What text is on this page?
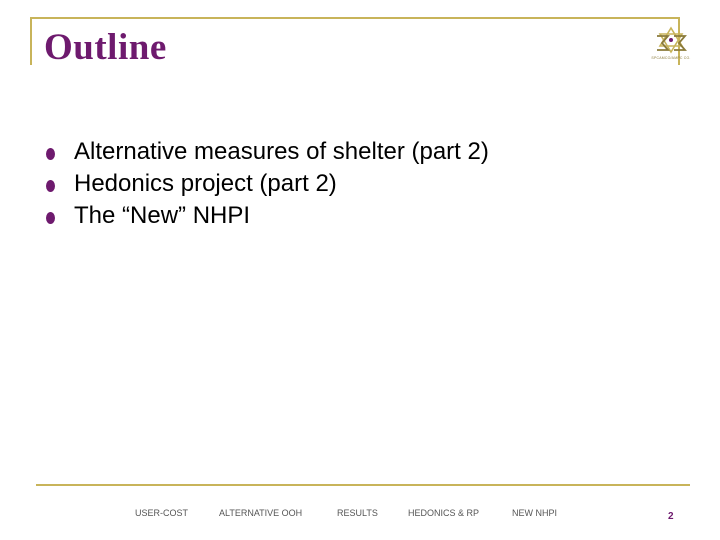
Outline	SPCAMCO/AMPC CO.
Alternative measures of shelter (part 2)
Hedonics project (part 2)
The “New” NHPI
USER-COST	ALTERNATIVE OOH	RESULTS	HEDONICS & RP	NEW NHPI	2
